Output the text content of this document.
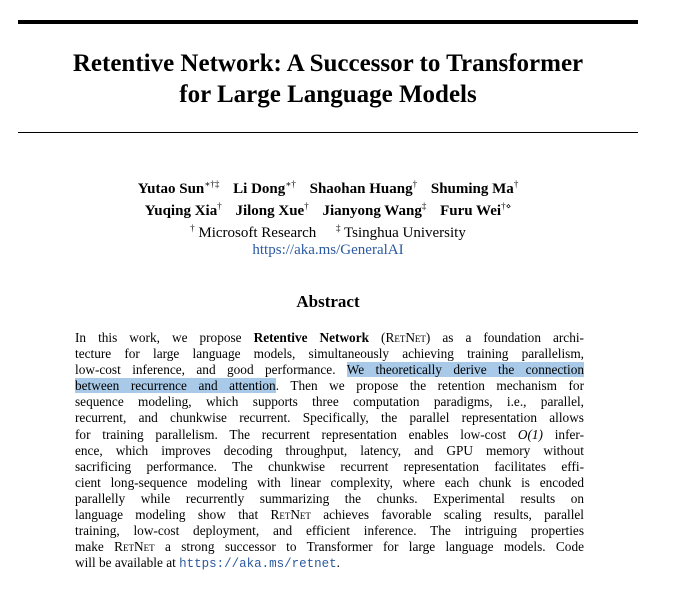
Retentive Network: A Successor to Transformer
for Large Language Models
Yutao Sun∗†‡ Li Dong∗† Shaohan Huang† Shuming Ma†
Yuqing Xia† Jilong Xue† Jianyong Wang‡ Furu Wei†⋄
† Microsoft Research ‡ Tsinghua University
https://aka.ms/GeneralAI
Abstract
In this work, we propose Retentive Network (RetNet) as a foundation archi-
tecture for large language models, simultaneously achieving training parallelism,
low-cost inference, and good performance. We theoretically derive the connection
between recurrence and attention. Then we propose the retention mechanism for
sequence modeling, which supports three computation paradigms, i.e., parallel,
recurrent, and chunkwise recurrent. Specifically, the parallel representation allows
for training parallelism. The recurrent representation enables low-cost O(1) infer-
ence, which improves decoding throughput, latency, and GPU memory without
sacrificing performance. The chunkwise recurrent representation facilitates effi-
cient long-sequence modeling with linear complexity, where each chunk is encoded
parallelly while recurrently summarizing the chunks. Experimental results on
language modeling show that RetNet achieves favorable scaling results, parallel
training, low-cost deployment, and efficient inference. The intriguing properties
make RetNet a strong successor to Transformer for large language models. Code
will be available at https://aka.ms/retnet.
